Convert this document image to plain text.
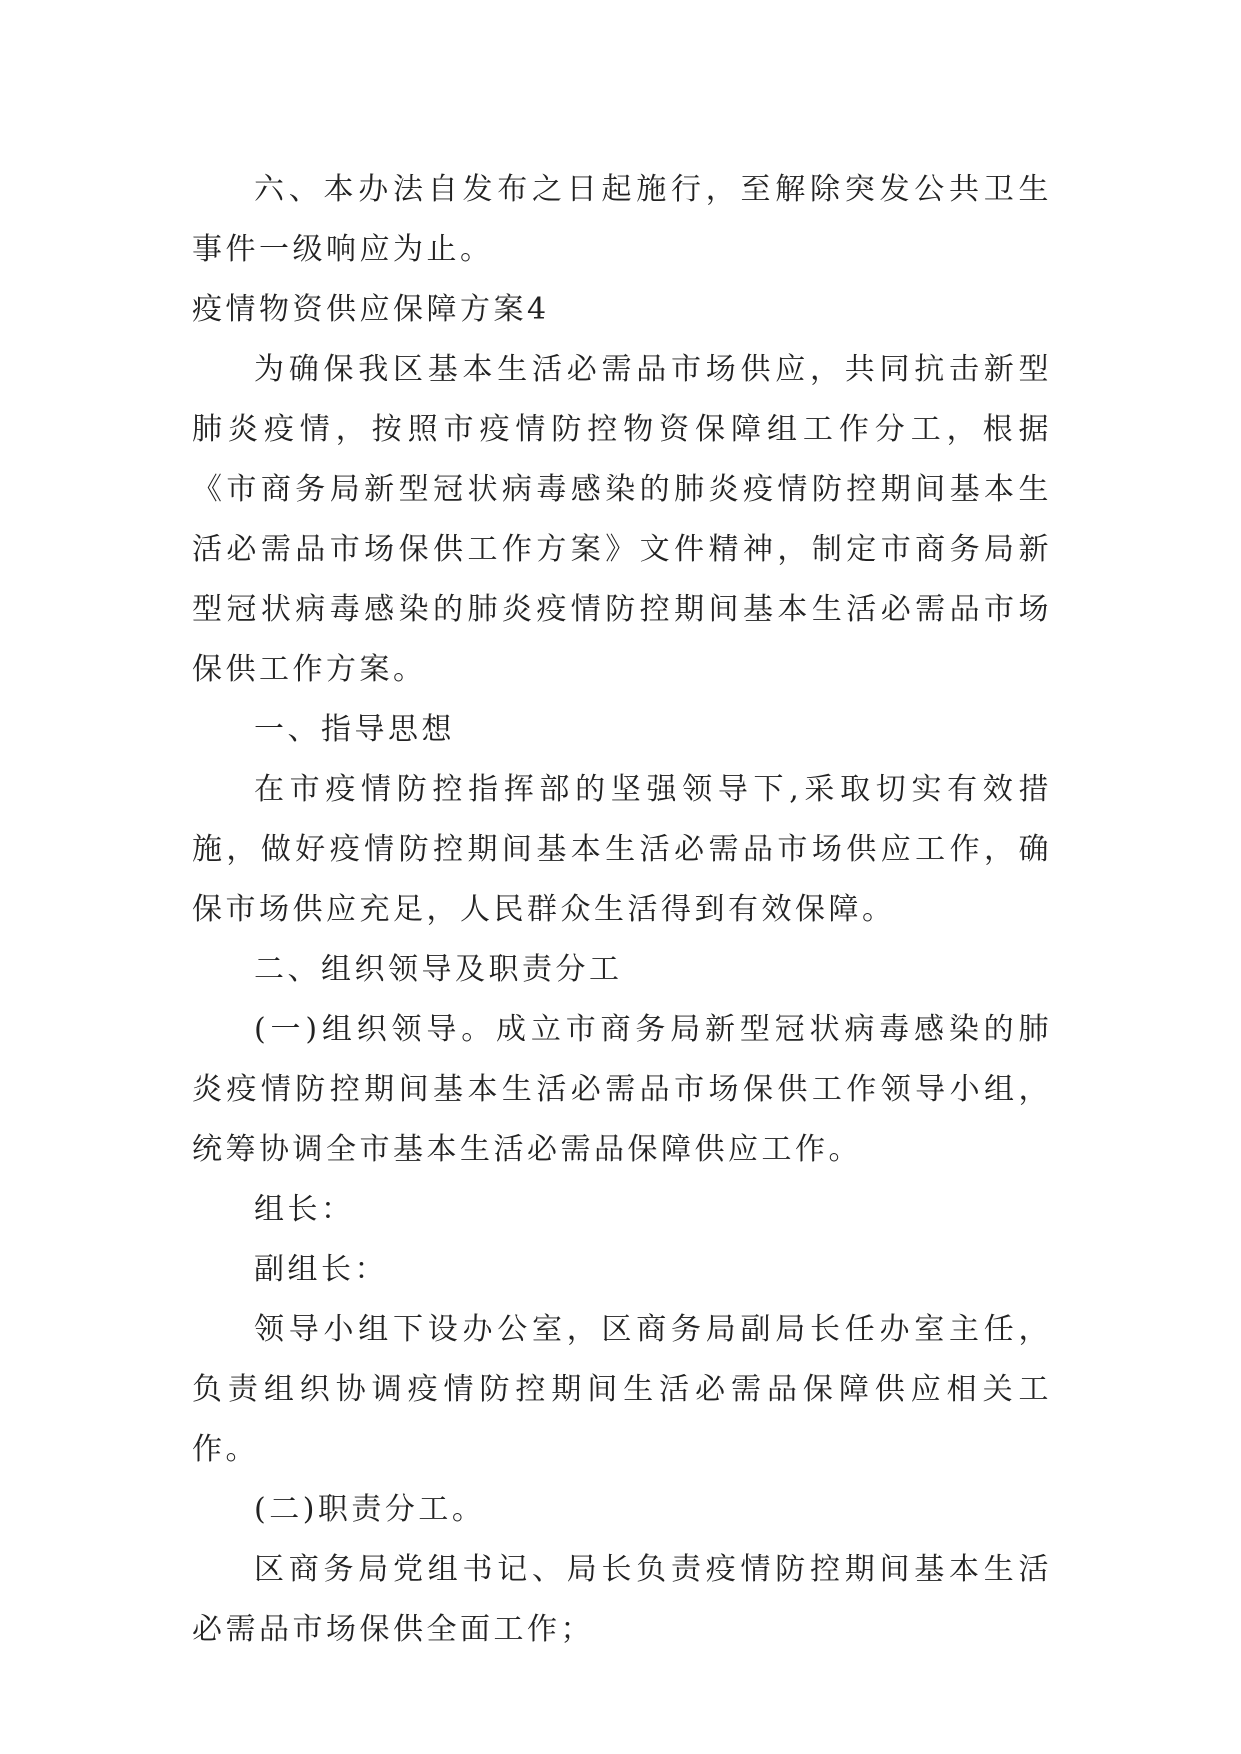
六、本办法自发布之日起施行，至解除突发公共卫生事件一级响应为止。

疫情物资供应保障方案4

为确保我区基本生活必需品市场供应，共同抗击新型肺炎疫情，按照市疫情防控物资保障组工作分工，根据《市商务局新型冠状病毒感染的肺炎疫情防控期间基本生活必需品市场保供工作方案》文件精神，制定市商务局新型冠状病毒感染的肺炎疫情防控期间基本生活必需品市场保供工作方案。

一、指导思想

在市疫情防控指挥部的坚强领导下,采取切实有效措施，做好疫情防控期间基本生活必需品市场供应工作，确保市场供应充足，人民群众生活得到有效保障。

二、组织领导及职责分工

(一)组织领导。成立市商务局新型冠状病毒感染的肺炎疫情防控期间基本生活必需品市场保供工作领导小组，统筹协调全市基本生活必需品保障供应工作。

组长：

副组长：

领导小组下设办公室，区商务局副局长任办室主任，负责组织协调疫情防控期间生活必需品保障供应相关工作。

(二)职责分工。

区商务局党组书记、局长负责疫情防控期间基本生活必需品市场保供全面工作；
